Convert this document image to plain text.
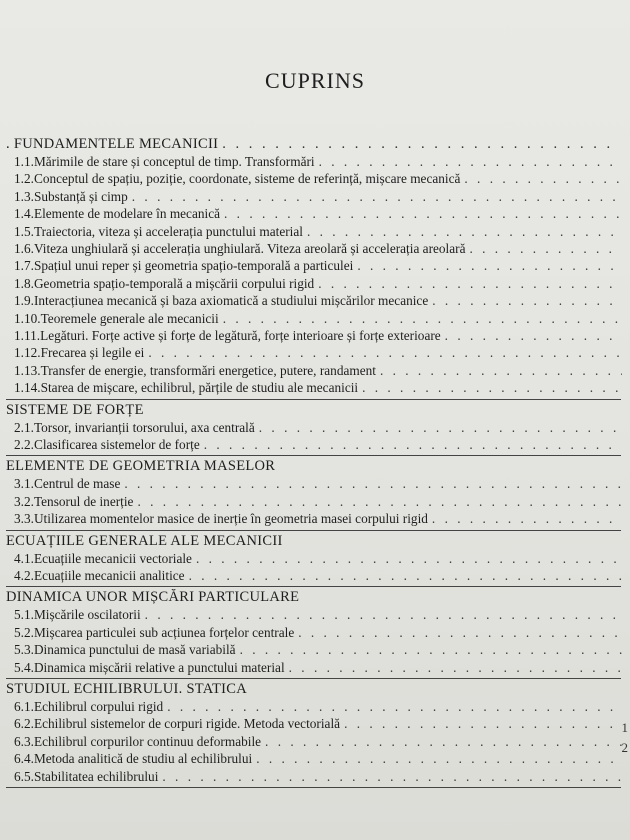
CUPRINS
. FUNDAMENTELE MECANICII
. . .
1.1. Mărimile de stare și conceptul de timp. Transformări
. . .
1.2. Conceptul de spațiu, poziție, coordonate, sisteme de referință, mișcare mecanică
. . .
1.3. Substanță și cimp
. . .
1.4. Elemente de modelare în mecanică
. . .
1.5. Traiectoria, viteza și accelerația punctului material
. . .
1.6. Viteza unghiulară și accelerația unghiulară. Viteza areolară și accelerația areolară
. . .
1.7. Spațiul unui reper și geometria spațio-temporală a particulei
. . .
1.8. Geometria spațio-temporală a mișcării corpului rigid
. . .
1.9. Interacțiunea mecanică și baza axiomatică a studiului mișcărilor mecanice
. . .
1.10. Teoremele generale ale mecanicii
. . .
1.11. Legături. Forțe active și forțe de legătură, forțe interioare și forțe exterioare
. . .
1.12. Frecarea și legile ei
. . .
1.13. Transfer de energie, transformări energetice, putere, randament
. . .
1.14. Starea de mișcare, echilibrul, părțile de studiu ale mecanicii
. . .
SISTEME DE FORȚE
2.1. Torsor, invarianții torsorului, axa centrală
. . .
2.2. Clasificarea sistemelor de forțe
. . .
ELEMENTE DE GEOMETRIA MASELOR
3.1. Centrul de mase
. . .
3.2. Tensorul de inerție
. . .
3.3. Utilizarea momentelor masice de inerție în geometria masei corpului rigid
. . .
ECUAȚIILE GENERALE ALE MECANICII
4.1. Ecuațiile mecanicii vectoriale
. . .
4.2. Ecuațiile mecanicii analitice
. . .
DINAMICA UNOR MIȘCĂRI PARTICULARE
5.1. Mișcările oscilatorii
. . .
5.2. Mișcarea particulei sub acțiunea forțelor centrale
. . .
5.3. Dinamica punctului de masă variabilă
. . .
5.4. Dinamica mișcării relative a punctului material
. . .
STUDIUL ECHILIBRULUI. STATICA
6.1. Echilibrul corpului rigid
. . .
6.2. Echilibrul sistemelor de corpuri rigide. Metoda vectorială
. . .
6.3. Echilibrul corpurilor continuu deformabile
. . .
6.4. Metoda analitică de studiu al echilibrului
. . .
6.5. Stabilitatea echilibrului
. . .
1
2
